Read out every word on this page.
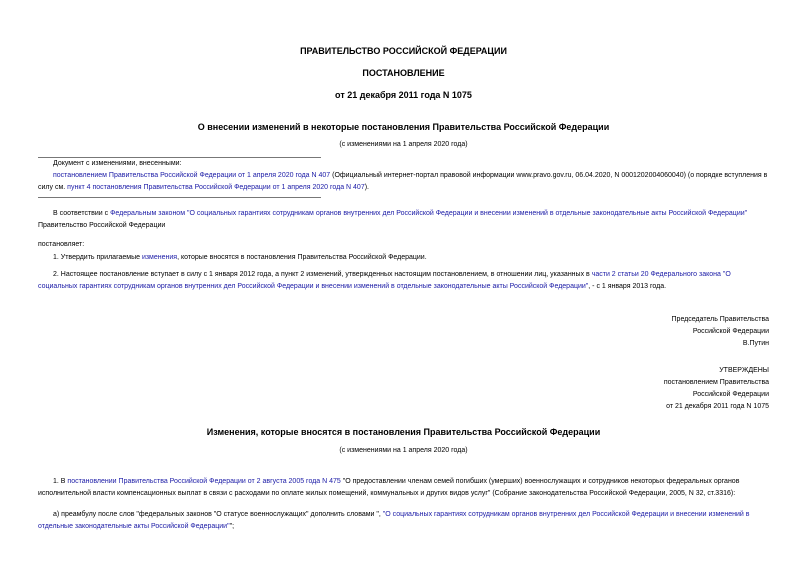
ПРАВИТЕЛЬСТВО РОССИЙСКОЙ ФЕДЕРАЦИИ
ПОСТАНОВЛЕНИЕ
от 21 декабря 2011 года N 1075
О внесении изменений в некоторые постановления Правительства Российской Федерации
(с изменениями на 1 апреля 2020 года)
Документ с изменениями, внесенными:
постановлением Правительства Российской Федерации от 1 апреля 2020 года N 407 (Официальный интернет-портал правовой информации www.pravo.gov.ru, 06.04.2020, N 0001202004060040) (о порядке вступления в силу см. пункт 4 постановления Правительства Российской Федерации от 1 апреля 2020 года N 407).
В соответствии с Федеральным законом "О социальных гарантиях сотрудникам органов внутренних дел Российской Федерации и внесении изменений в отдельные законодательные акты Российской Федерации" Правительство Российской Федерации
постановляет:
1. Утвердить прилагаемые изменения, которые вносятся в постановления Правительства Российской Федерации.
2. Настоящее постановление вступает в силу с 1 января 2012 года, а пункт 2 изменений, утвержденных настоящим постановлением, в отношении лиц, указанных в части 2 статьи 20 Федерального закона "О социальных гарантиях сотрудникам органов внутренних дел Российской Федерации и внесении изменений в отдельные законодательные акты Российской Федерации", - с 1 января 2013 года.
Председатель Правительства
Российской Федерации
В.Путин
УТВЕРЖДЕНЫ
постановлением Правительства
Российской Федерации
от 21 декабря 2011 года N 1075
Изменения, которые вносятся в постановления Правительства Российской Федерации
(с изменениями на 1 апреля 2020 года)
1. В постановлении Правительства Российской Федерации от 2 августа 2005 года N 475 "О предоставлении членам семей погибших (умерших) военнослужащих и сотрудников некоторых федеральных органов исполнительной власти компенсационных выплат в связи с расходами по оплате жилых помещений, коммунальных и других видов услуг" (Собрание законодательства Российской Федерации, 2005, N 32, ст.3316):
а) преамбулу после слов "федеральных законов "О статусе военнослужащих" дополнить словами ", "О социальных гарантиях сотрудникам органов внутренних дел Российской Федерации и внесении изменений в отдельные законодательные акты Российской Федерации"";
